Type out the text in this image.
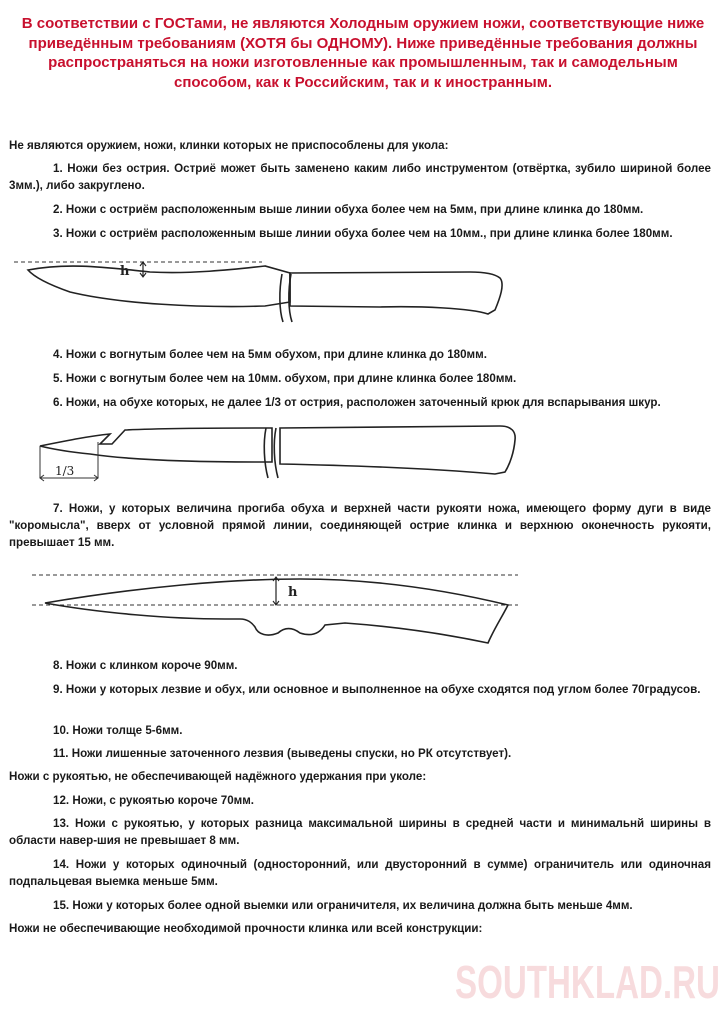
В соответствии с ГОСТами, не являются Холодным оружием ножи, соответствующие ниже приведённым требованиям (ХОТЯ бы ОДНОМУ). Ниже приведённые требования должны распространяться на ножи изготовленные как промышленным, так и самодельным способом, как к Российским, так и к иностранным.
Не являются оружием, ножи, клинки которых не приспособлены для укола:
1. Ножи без острия. Остриё может быть заменено каким либо инструментом (отвёртка, зубило шириной более 3мм.), либо закруглено.
2. Ножи с остриём расположенным выше линии обуха более чем на 5мм, при длине клинка до 180мм.
3. Ножи с остриём расположенным выше линии обуха более чем на 10мм., при длине клинка более 180мм.
h
4. Ножи с вогнутым более чем на 5мм обухом, при длине клинка до 180мм.
5. Ножи с вогнутым более чем на 10мм. обухом, при длине клинка более 180мм.
6. Ножи, на обухе которых, не далее 1/3 от острия, расположен заточенный крюк для вспарывания шкур.
1/3
7. Ножи, у которых величина прогиба обуха и верхней части рукояти ножа, имеющего форму дуги в виде "коромысла", вверх от условной прямой линии, соединяющей острие клинка и верхнюю оконечность рукояти, превышает 15 мм.
h
8. Ножи с клинком короче 90мм.
9. Ножи у которых лезвие и обух, или основное и выполненное на обухе сходятся под углом более 70градусов.
10. Ножи толще 5-6мм.
11. Ножи лишенные заточенного лезвия (выведены спуски, но РК отсутствует).
Ножи с рукоятью, не обеспечивающей надёжного удержания при уколе:
12. Ножи, с рукоятью короче 70мм.
13. Ножи с рукоятью, у которых разница максимальной ширины в средней части и минимальнй ширины в области навер-шия не превышает 8 мм.
14. Ножи у которых одиночный (односторонний, или двусторонний в сумме) ограничитель или одиночная подпальцевая выемка меньше 5мм.
15. Ножи у которых более одной выемки или ограничителя, их величина должна быть меньше 4мм.
Ножи не обеспечивающие необходимой прочности клинка или всей конструкции:
SOUTHKLAD.RU
